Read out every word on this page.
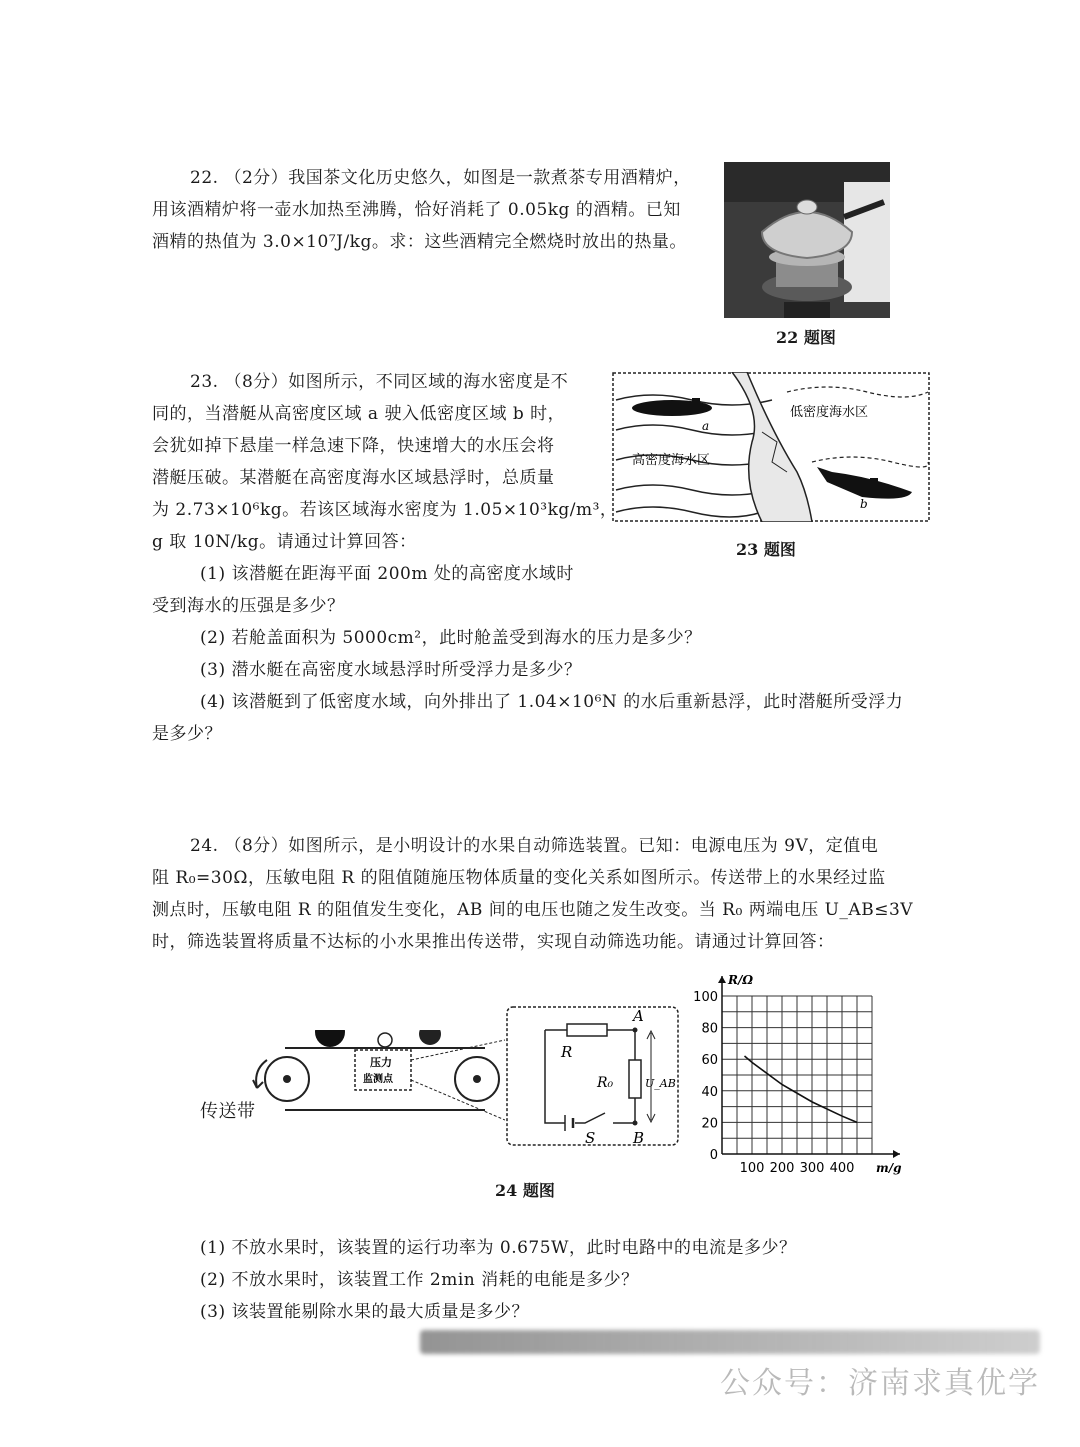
22. （2分）我国茶文化历史悠久，如图是一款煮茶专用酒精炉，
用该酒精炉将一壶水加热至沸腾，恰好消耗了 0.05kg 的酒精。已知
酒精的热值为 3.0×10⁷J/kg。求：这些酒精完全燃烧时放出的热量。
22 题图
23. （8分）如图所示，不同区域的海水密度是不
同的，当潜艇从高密度区域 a 驶入低密度区域 b 时，
会犹如掉下悬崖一样急速下降，快速增大的水压会将
潜艇压破。某潜艇在高密度海水区域悬浮时，总质量
为 2.73×10⁶kg。若该区域海水密度为 1.05×10³kg/m³，
g 取 10N/kg。请通过计算回答：
a
b
低密度海水区
高密度海水区
23 题图
(1) 该潜艇在距海平面 200m 处的高密度水域时
受到海水的压强是多少？
(2) 若舱盖面积为 5000cm²，此时舱盖受到海水的压力是多少？
(3) 潜水艇在高密度水域悬浮时所受浮力是多少？
(4) 该潜艇到了低密度水域，向外排出了 1.04×10⁶N 的水后重新悬浮，此时潜艇所受浮力
是多少？
24. （8分）如图所示，是小明设计的水果自动筛选装置。已知：电源电压为 9V，定值电
阻 R₀=30Ω，压敏电阻 R 的阻值随施压物体质量的变化关系如图所示。传送带上的水果经过监
测点时，压敏电阻 R 的阻值发生变化，AB 间的电压也随之发生改变。当 R₀ 两端电压 U_AB≤3V
时，筛选装置将质量不达标的小水果推出传送带，实现自动筛选功能。请通过计算回答：
压力
监测点
传送带
R
R₀	U_AB
A
B
S
0
20
40
60
80
100
100 200 300 400
R/Ω
m/g
24 题图
(1) 不放水果时，该装置的运行功率为 0.675W，此时电路中的电流是多少？
(2) 不放水果时，该装置工作 2min 消耗的电能是多少？
(3) 该装置能剔除水果的最大质量是多少？
公众号：济南求真优学
